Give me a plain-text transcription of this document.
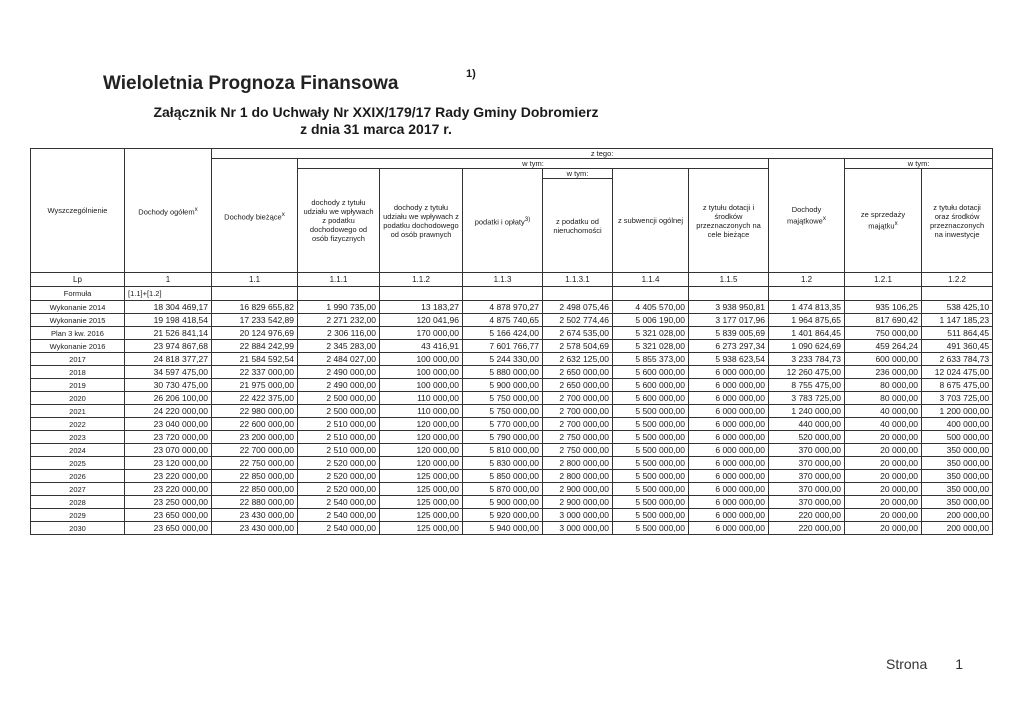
Wieloletnia Prognoza Finansowa	1)
Załącznik Nr 1 do Uchwały Nr XXIX/179/17 Rady Gminy Dobromierz
z dnia 31 marca 2017 r.
Wyszczególnienie	Dochody ogółem$^x$	z tego:									
		Dochody bieżące$^x$	w tym:						Dochody majątkowe$^x$	w tym:	
			dochody z tytułu udziału we wpływach z podatku dochodowego od osób fizycznych	dochody z tytułu udziału we wpływach z podatku dochodowego od osób prawnych	podatki i opłaty$^{3)}$	w tym:	z subwencji ogólnej	z tytułu dotacji i środków przeznaczonych na cele bieżące		ze sprzedaży majątku$^x$	z tytułu dotacji oraz środków przeznaczonych na inwestycje
						z podatku od nieruchomości					
Lp	1	1.1	1.1.1	1.1.2	1.1.3	1.1.3.1	1.1.4	1.1.5	1.2	1.2.1	1.2.2
Formuła	[1.1]+[1.2]										
Wykonanie 2014	18 304 469,17	16 829 655,82	1 990 735,00	13 183,27	4 878 970,27	2 498 075,46	4 405 570,00	3 938 950,81	1 474 813,35	935 106,25	538 425,10
Wykonanie 2015	19 198 418,54	17 233 542,89	2 271 232,00	120 041,96	4 875 740,65	2 502 774,46	5 006 190,00	3 177 017,96	1 964 875,65	817 690,42	1 147 185,23
Plan 3 kw. 2016	21 526 841,14	20 124 976,69	2 306 116,00	170 000,00	5 166 424,00	2 674 535,00	5 321 028,00	5 839 005,69	1 401 864,45	750 000,00	511 864,45
Wykonanie 2016	23 974 867,68	22 884 242,99	2 345 283,00	43 416,91	7 601 766,77	2 578 504,69	5 321 028,00	6 273 297,34	1 090 624,69	459 264,24	491 360,45
2017	24 818 377,27	21 584 592,54	2 484 027,00	100 000,00	5 244 330,00	2 632 125,00	5 855 373,00	5 938 623,54	3 233 784,73	600 000,00	2 633 784,73
2018	34 597 475,00	22 337 000,00	2 490 000,00	100 000,00	5 880 000,00	2 650 000,00	5 600 000,00	6 000 000,00	12 260 475,00	236 000,00	12 024 475,00
2019	30 730 475,00	21 975 000,00	2 490 000,00	100 000,00	5 900 000,00	2 650 000,00	5 600 000,00	6 000 000,00	8 755 475,00	80 000,00	8 675 475,00
2020	26 206 100,00	22 422 375,00	2 500 000,00	110 000,00	5 750 000,00	2 700 000,00	5 600 000,00	6 000 000,00	3 783 725,00	80 000,00	3 703 725,00
2021	24 220 000,00	22 980 000,00	2 500 000,00	110 000,00	5 750 000,00	2 700 000,00	5 500 000,00	6 000 000,00	1 240 000,00	40 000,00	1 200 000,00
2022	23 040 000,00	22 600 000,00	2 510 000,00	120 000,00	5 770 000,00	2 700 000,00	5 500 000,00	6 000 000,00	440 000,00	40 000,00	400 000,00
2023	23 720 000,00	23 200 000,00	2 510 000,00	120 000,00	5 790 000,00	2 750 000,00	5 500 000,00	6 000 000,00	520 000,00	20 000,00	500 000,00
2024	23 070 000,00	22 700 000,00	2 510 000,00	120 000,00	5 810 000,00	2 750 000,00	5 500 000,00	6 000 000,00	370 000,00	20 000,00	350 000,00
2025	23 120 000,00	22 750 000,00	2 520 000,00	120 000,00	5 830 000,00	2 800 000,00	5 500 000,00	6 000 000,00	370 000,00	20 000,00	350 000,00
2026	23 220 000,00	22 850 000,00	2 520 000,00	125 000,00	5 850 000,00	2 800 000,00	5 500 000,00	6 000 000,00	370 000,00	20 000,00	350 000,00
2027	23 220 000,00	22 850 000,00	2 520 000,00	125 000,00	5 870 000,00	2 900 000,00	5 500 000,00	6 000 000,00	370 000,00	20 000,00	350 000,00
2028	23 250 000,00	22 880 000,00	2 540 000,00	125 000,00	5 900 000,00	2 900 000,00	5 500 000,00	6 000 000,00	370 000,00	20 000,00	350 000,00
2029	23 650 000,00	23 430 000,00	2 540 000,00	125 000,00	5 920 000,00	3 000 000,00	5 500 000,00	6 000 000,00	220 000,00	20 000,00	200 000,00
2030	23 650 000,00	23 430 000,00	2 540 000,00	125 000,00	5 940 000,00	3 000 000,00	5 500 000,00	6 000 000,00	220 000,00	20 000,00	200 000,00
Strona 1
